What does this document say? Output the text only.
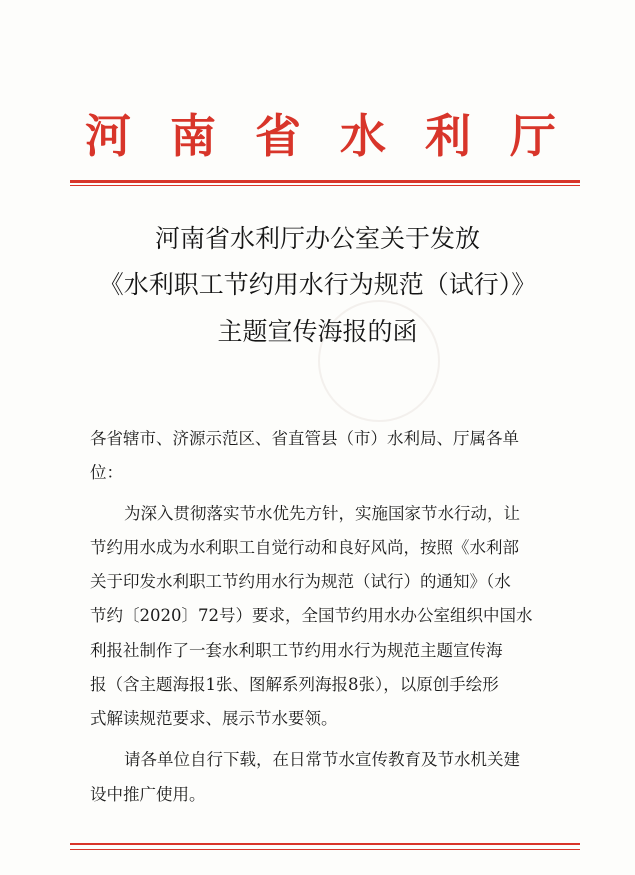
河 南 省 水 利 厅
河南省水利厅办公室关于发放
《水利职工节约用水行为规范（试行）》
主题宣传海报的函
各省辖市、济源示范区、省直管县（市）水利局、厅属各单
位：
为深入贯彻落实节水优先方针，实施国家节水行动，让
节约用水成为水利职工自觉行动和良好风尚，按照《水利部
关于印发水利职工节约用水行为规范（试行）的通知》（水
节约〔2020〕72号）要求，全国节约用水办公室组织中国水
利报社制作了一套水利职工节约用水行为规范主题宣传海
报（含主题海报1张、图解系列海报8张），以原创手绘形
式解读规范要求、展示节水要领。
请各单位自行下载，在日常节水宣传教育及节水机关建
设中推广使用。
